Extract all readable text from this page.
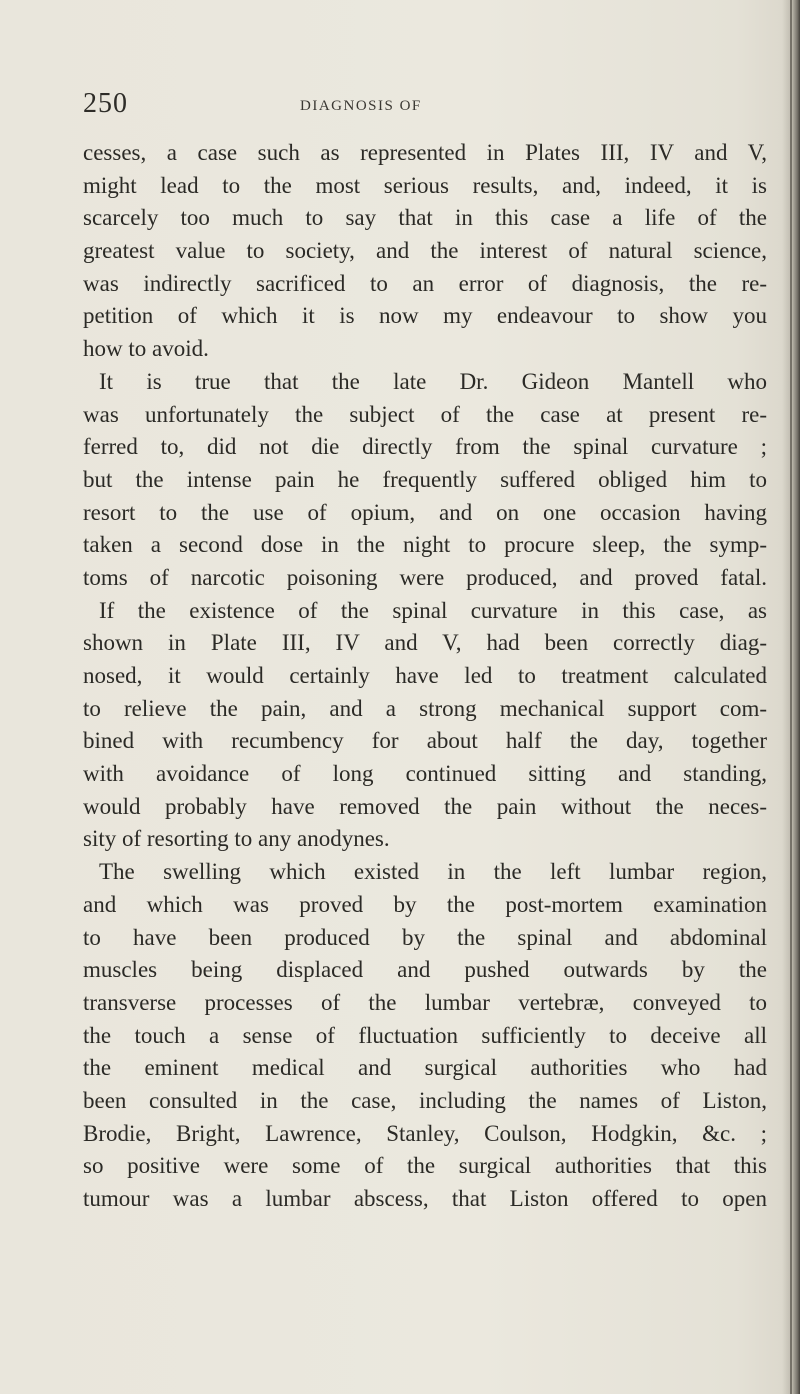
250	DIAGNOSIS OF
cesses, a case such as represented in Plates III, IV and V,
might lead to the most serious results, and, indeed, it is
scarcely too much to say that in this case a life of the
greatest value to society, and the interest of natural science,
was indirectly sacrificed to an error of diagnosis, the re-
petition of which it is now my endeavour to show you
how to avoid.
It is true that the late Dr. Gideon Mantell who
was unfortunately the subject of the case at present re-
ferred to, did not die directly from the spinal curvature ;
but the intense pain he frequently suffered obliged him to
resort to the use of opium, and on one occasion having
taken a second dose in the night to procure sleep, the symp-
toms of narcotic poisoning were produced, and proved fatal.
If the existence of the spinal curvature in this case, as
shown in Plate III, IV and V, had been correctly diag-
nosed, it would certainly have led to treatment calculated
to relieve the pain, and a strong mechanical support com-
bined with recumbency for about half the day, together
with avoidance of long continued sitting and standing,
would probably have removed the pain without the neces-
sity of resorting to any anodynes.
The swelling which existed in the left lumbar region,
and which was proved by the post-mortem examination
to have been produced by the spinal and abdominal
muscles being displaced and pushed outwards by the
transverse processes of the lumbar vertebræ, conveyed to
the touch a sense of fluctuation sufficiently to deceive all
the eminent medical and surgical authorities who had
been consulted in the case, including the names of Liston,
Brodie, Bright, Lawrence, Stanley, Coulson, Hodgkin, &c. ;
so positive were some of the surgical authorities that this
tumour was a lumbar abscess, that Liston offered to open
